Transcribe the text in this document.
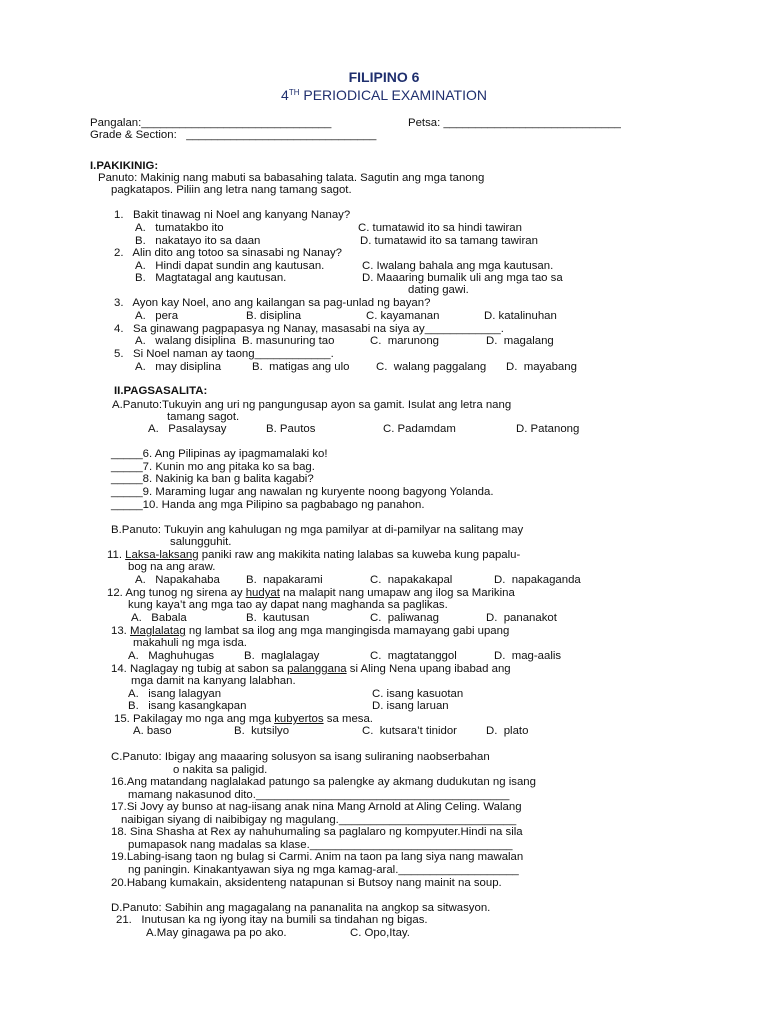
FILIPINO 6
4TH PERIODICAL EXAMINATION
Pangalan:______________________________	Petsa: ____________________________
Grade & Section:   ______________________________
I.PAKIKINIG:
Panuto: Makinig nang mabuti sa babasahing talata. Sagutin ang mga tanong
pagkatapos. Piliin ang letra nang tamang sagot.
1.   Bakit tinawag ni Noel ang kanyang Nanay?
A.   tumatakbo ito	C. tumatawid ito sa hindi tawiran
B.   nakatayo ito sa daan	D. tumatawid ito sa tamang tawiran
2.   Alin dito ang totoo sa sinasabi ng Nanay?
A.   Hindi dapat sundin ang kautusan.	C. Iwalang bahala ang mga kautusan.
B.   Magtatagal ang kautusan.	D. Maaaring bumalik uli ang mga tao sa
dating gawi.
3.   Ayon kay Noel, ano ang kailangan sa pag-unlad ng bayan?
A.   pera	B. disiplina	C. kayamanan	D. katalinuhan
4.   Sa ginawang pagpapasya ng Nanay, masasabi na siya ay____________.
A.   walang disiplina  B. masunuring tao	C.  marunong	D.  magalang
5.   Si Noel naman ay taong____________.
A.   may disiplina	B.  matigas ang ulo C.  walang paggalang D.  mayabang
II.PAGSASALITA:
A.Panuto:Tukuyin ang uri ng pangungusap ayon sa gamit. Isulat ang letra nang
tamang sagot.
A.   Pasalaysay	B. Pautos	C. Padamdam	D. Patanong
_____6. Ang Pilipinas ay ipagmamalaki ko!
_____7. Kunin mo ang pitaka ko sa bag.
_____8. Nakinig ka ban g balita kagabi?
_____9. Maraming lugar ang nawalan ng kuryente noong bagyong Yolanda.
_____10. Handa ang mga Pilipino sa pagbabago ng panahon.
B.Panuto: Tukuyin ang kahulugan ng mga pamilyar at di-pamilyar na salitang may
salungguhit.
11. Laksa-laksang paniki raw ang makikita nating lalabas sa kuweba kung papalu-
bog na ang araw.
A.   Napakahaba B.  napakarami	C.  napakakapal	D.  napakaganda
12. Ang tunog ng sirena ay hudyat na malapit nang umapaw ang ilog sa Marikina
kung kaya’t ang mga tao ay dapat nang maghanda sa paglikas.
A.   Babala	B.  kautusan	C.  paliwanag	D.  pananakot
13. Maglalatag ng lambat sa ilog ang mga mangingisda mamayang gabi upang
makahuli ng mga isda.
A.   Maghuhugas	B.  maglalagay	C.  magtatanggol	D.  mag-aalis
14. Naglagay ng tubig at sabon sa palanggana si Aling Nena upang ibabad ang
mga damit na kanyang lalabhan.
A.   isang lalagyan	C. isang kasuotan
B.   isang kasangkapan	D. isang laruan
15. Pakilagay mo nga ang mga kubyertos sa mesa.
A. baso	B.  kutsilyo	C.  kutsara’t tinidor	D.  plato
C.Panuto: Ibigay ang maaaring solusyon sa isang suliraning naobserbahan
o nakita sa paligid.
16.Ang matandang naglalakad patungo sa palengke ay akmang dudukutan ng isang
mamang nakasunod dito.________________________________________
17.Si Jovy ay bunso at nag-iisang anak nina Mang Arnold at Aling Celing. Walang
naibigan siyang di naibibigay ng magulang.____________________________
18. Sina Shasha at Rex ay nahuhumaling sa paglalaro ng kompyuter.Hindi na sila
pumapasok nang madalas sa klase.________________________________
19.Labing-isang taon ng bulag si Carmi. Anim na taon pa lang siya nang mawalan
ng paningin. Kinakantyawan siya ng mga kamag-aral.___________________
20.Habang kumakain, aksidenteng natapunan si Butsoy nang mainit na soup.
D.Panuto: Sabihin ang magagalang na pananalita na angkop sa sitwasyon.
21.   Inutusan ka ng iyong itay na bumili sa tindahan ng bigas.
A.May ginagawa pa po ako.	C. Opo,Itay.
